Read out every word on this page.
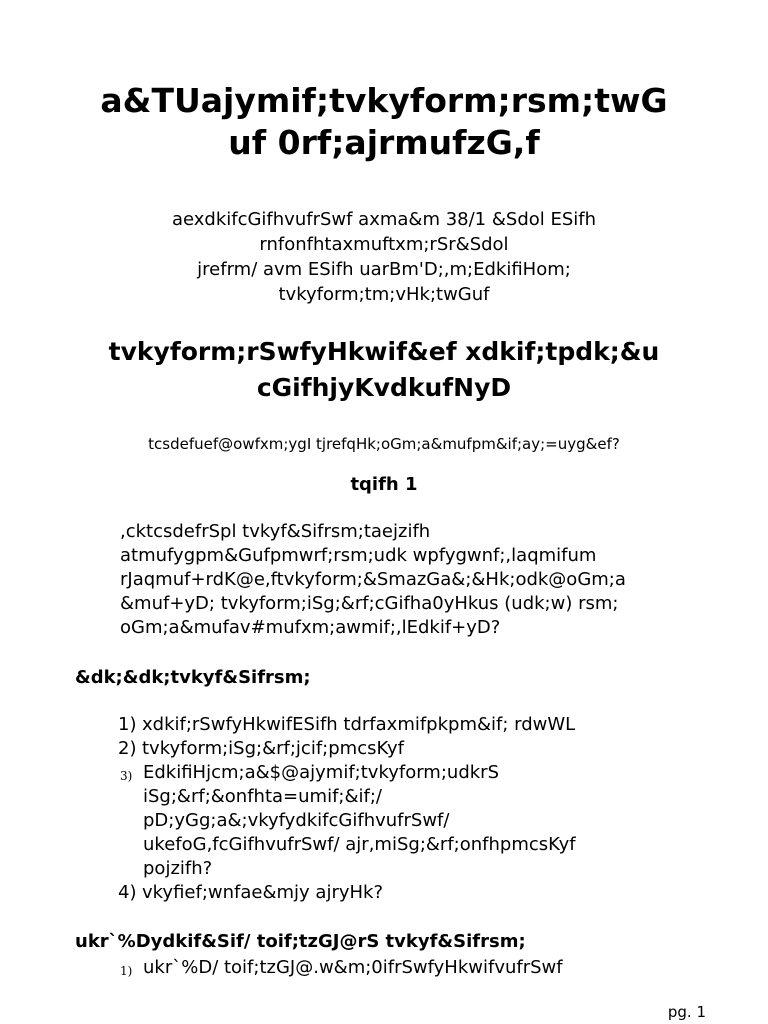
a&TUajymif;tvkyform;rsm;twG
uf 0rf;ajrmufzG,f
aexdkifcGifhvufrSwf axma&m 38/1 &Sdol ESifh
rnfonfhtaxmuftxm;rSr&Sdol
jrefrm/ avm ESifh uarBm'D;,m;EdkifiHom;
tvkyform;tm;vHk;twGuf
tvkyform;rSwfyHkwif&ef xdkif;tpdk;&u
cGifhjyKvdkufNyD
tcsdefuef@owfxm;ygI tjrefqHk;oGm;a&mufpm&if;ay;=uyg&ef?
tqifh 1
,cktcsdefrSpl tvkyf&Sifrsm;taejzifh
atmufygpm&Gufpmwrf;rsm;udk wpfygwnf;,laqmifum
rJaqmuf+rdK@e,ftvkyform;&SmazGa&;&Hk;odk@oGm;a
&muf+yD; tvkyform;iSg;&rf;cGifha0yHkus (udk;w) rsm;
oGm;a&mufav#mufxm;awmif;,lEdkif+yD?
&dk;&dk;tvkyf&Sifrsm;
1) xdkif;rSwfyHkwifESifh tdrfaxmifpkpm&if; rdwWL
2) tvkyform;iSg;&rf;jcif;pmcsKyf
3) EdkifiHjcm;a&$@ajymif;tvkyform;udkrS
iSg;&rf;&onfhta=umif;&if;/
pD;yGg;a&;vkyfydkifcGifhvufrSwf/
ukefoG,fcGifhvufrSwf/ ajr,miSg;&rf;onfhpmcsKyf
pojzifh?
4) vkyfief;wnfae&mjy ajryHk?
ukr`%Dydkif&Sif/ toif;tzGJ@rS tvkyf&Sifrsm;
1) ukr`%D/ toif;tzGJ@.w&m;0ifrSwfyHkwifvufrSwf
pg. 1
